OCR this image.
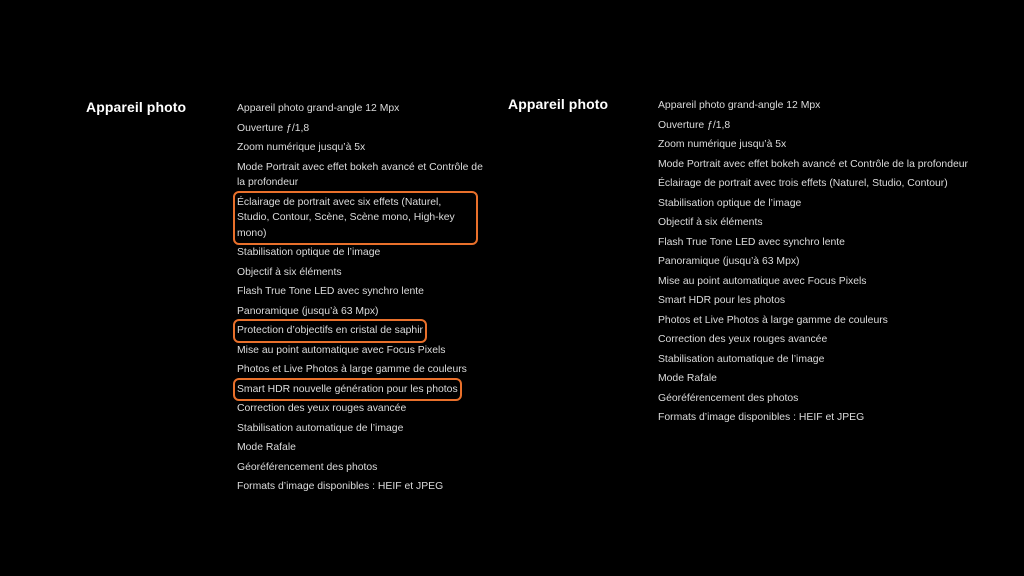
Appareil photo	Appareil photo grand-angle 12 Mpx
Ouverture ƒ/1,8
Zoom numérique jusqu’à 5x
Mode Portrait avec effet bokeh avancé et Contrôle de la profondeur
Éclairage de portrait avec six effets (Naturel, Studio, Contour, Scène, Scène mono, High-key mono)
Stabilisation optique de l’image
Objectif à six éléments
Flash True Tone LED avec synchro lente
Panoramique (jusqu’à 63 Mpx)
Protection d’objectifs en cristal de saphir
Mise au point automatique avec Focus Pixels
Photos et Live Photos à large gamme de couleurs
Smart HDR nouvelle génération pour les photos
Correction des yeux rouges avancée
Stabilisation automatique de l’image
Mode Rafale
Géoréférencement des photos
Formats d’image disponibles : HEIF et JPEG
Appareil photo	Appareil photo grand-angle 12 Mpx
Ouverture ƒ/1,8
Zoom numérique jusqu’à 5x
Mode Portrait avec effet bokeh avancé et Contrôle de la profondeur
Éclairage de portrait avec trois effets (Naturel, Studio, Contour)
Stabilisation optique de l’image
Objectif à six éléments
Flash True Tone LED avec synchro lente
Panoramique (jusqu’à 63 Mpx)
Mise au point automatique avec Focus Pixels
Smart HDR pour les photos
Photos et Live Photos à large gamme de couleurs
Correction des yeux rouges avancée
Stabilisation automatique de l’image
Mode Rafale
Géoréférencement des photos
Formats d’image disponibles : HEIF et JPEG
